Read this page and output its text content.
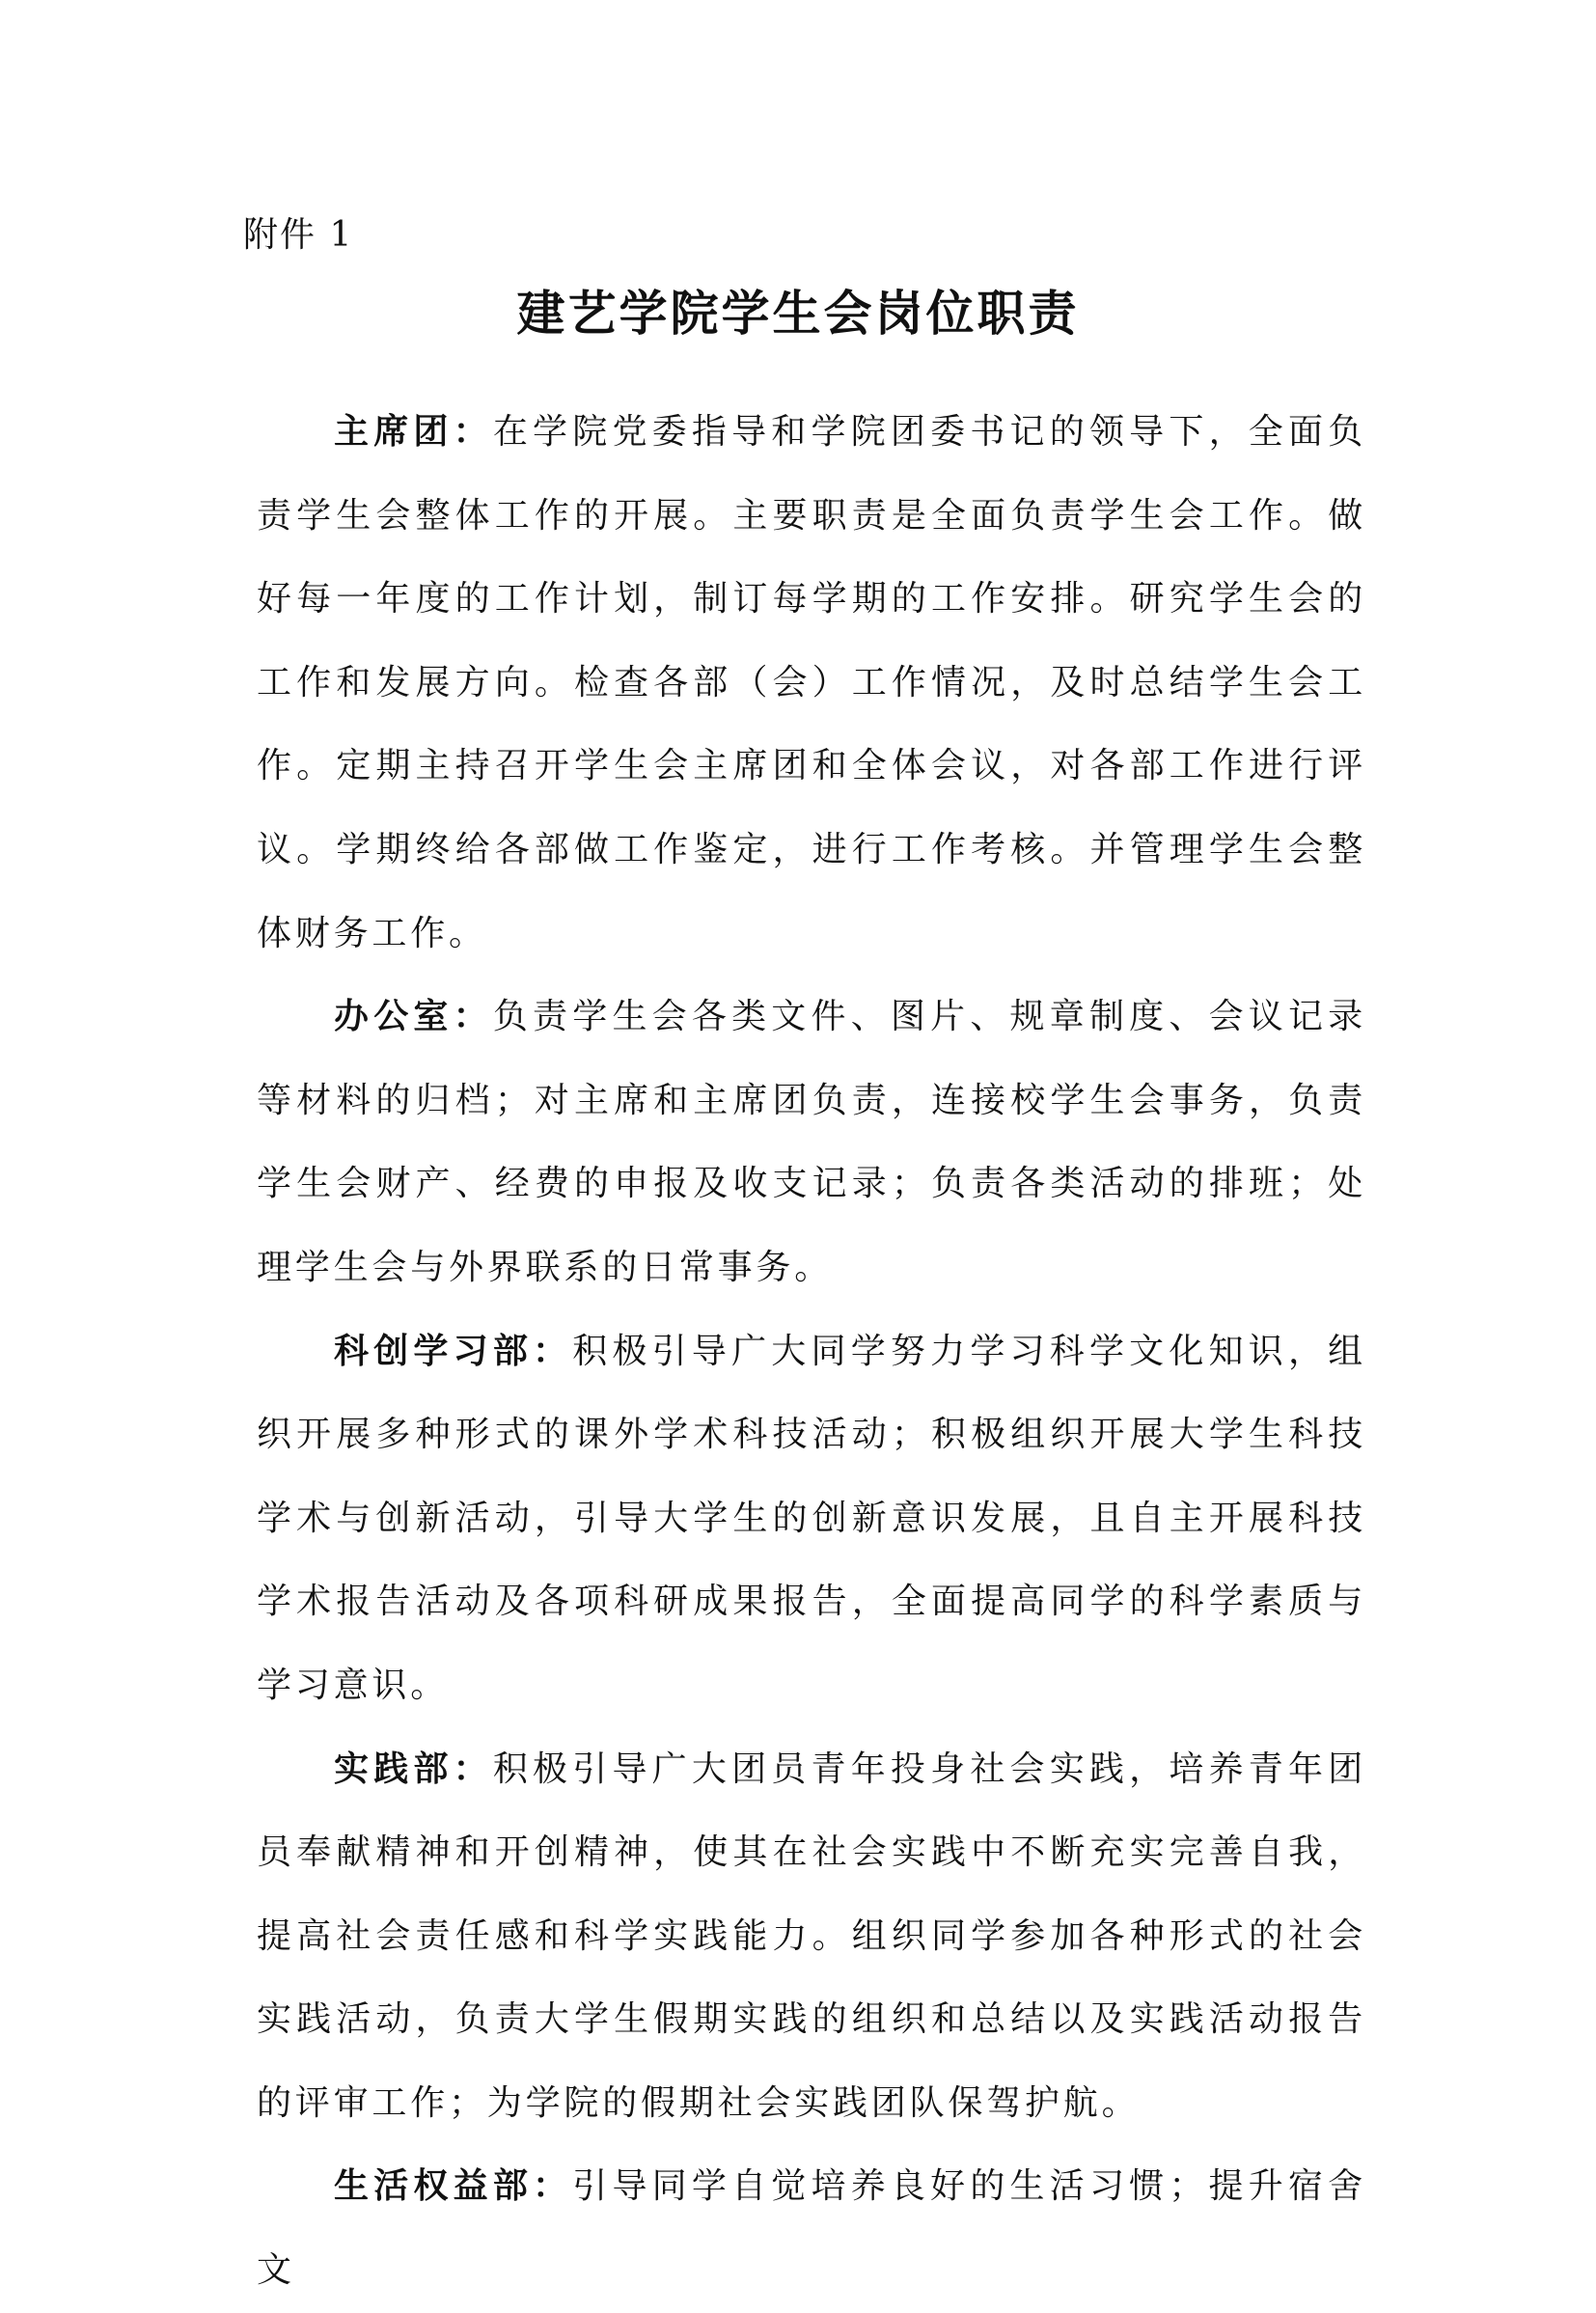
附件 1
建艺学院学生会岗位职责

主席团：在学院党委指导和学院团委书记的领导下，全面负责学生会整体工作的开展。主要职责是全面负责学生会工作。做好每一年度的工作计划，制订每学期的工作安排。研究学生会的工作和发展方向。检查各部（会）工作情况，及时总结学生会工作。定期主持召开学生会主席团和全体会议，对各部工作进行评议。学期终给各部做工作鉴定，进行工作考核。并管理学生会整体财务工作。

办公室：负责学生会各类文件、图片、规章制度、会议记录等材料的归档；对主席和主席团负责，连接校学生会事务，负责学生会财产、经费的申报及收支记录；负责各类活动的排班；处理学生会与外界联系的日常事务。

科创学习部：积极引导广大同学努力学习科学文化知识，组织开展多种形式的课外学术科技活动；积极组织开展大学生科技学术与创新活动，引导大学生的创新意识发展，且自主开展科技学术报告活动及各项科研成果报告，全面提高同学的科学素质与学习意识。

实践部：积极引导广大团员青年投身社会实践，培养青年团员奉献精神和开创精神，使其在社会实践中不断充实完善自我，提高社会责任感和科学实践能力。组织同学参加各种形式的社会实践活动，负责大学生假期实践的组织和总结以及实践活动报告的评审工作；为学院的假期社会实践团队保驾护航。

生活权益部：引导同学自觉培养良好的生活习惯；提升宿舍文
